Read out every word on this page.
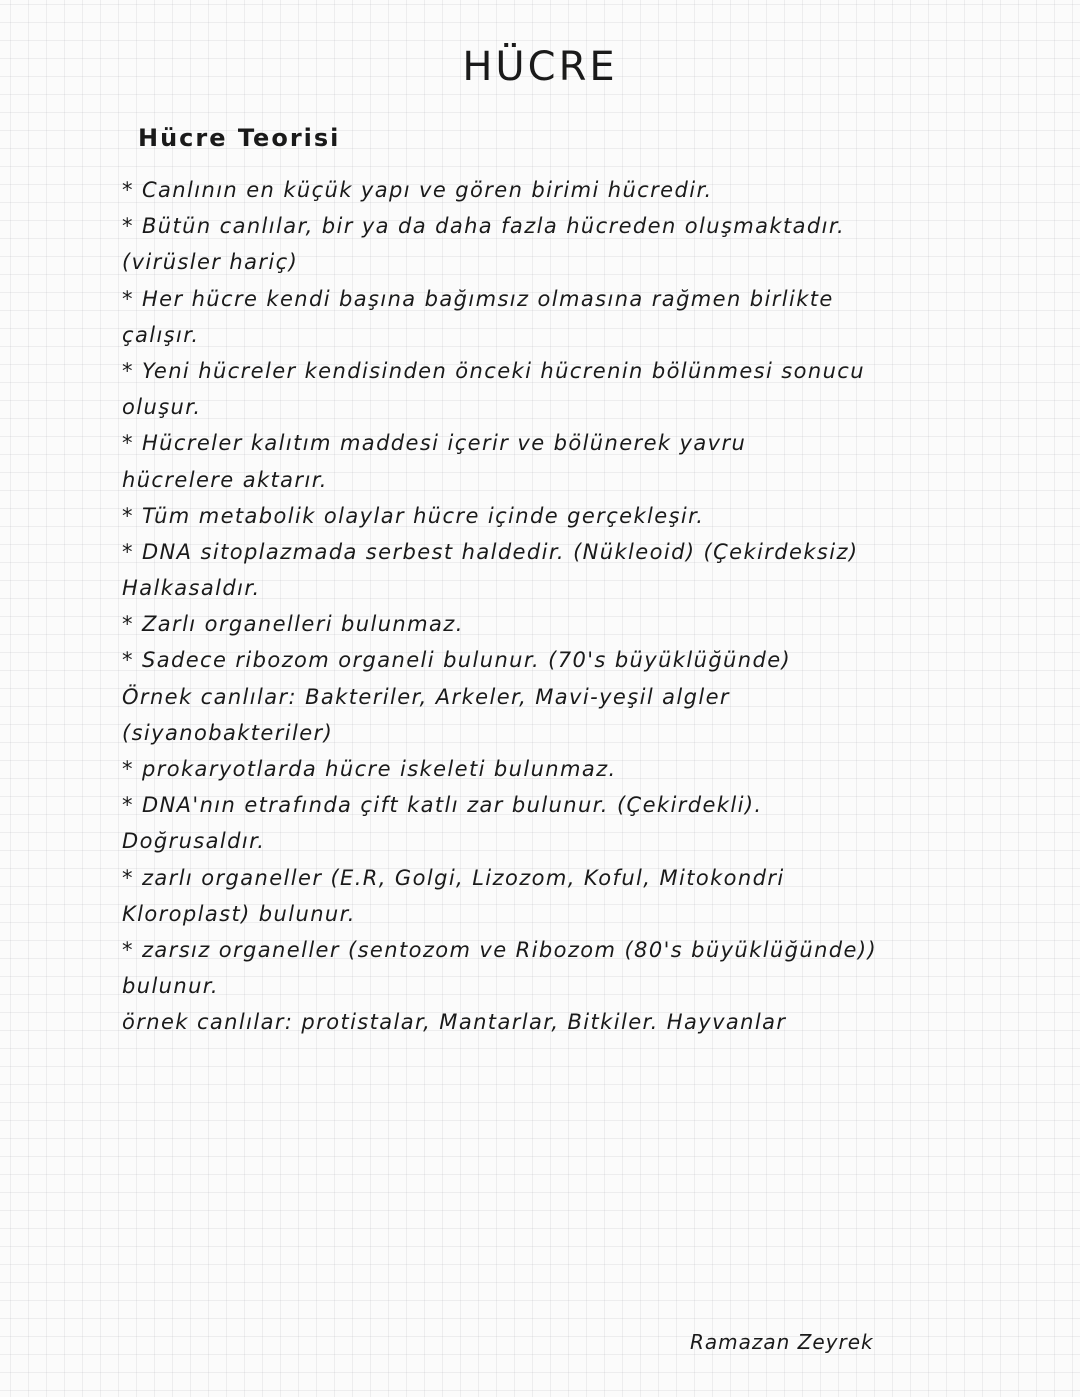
HÜCRE
Hücre Teorisi
* Canlının en küçük yapı ve gören birimi hücredir.
* Bütün canlılar, bir ya da daha fazla hücreden oluşmaktadır.
(virüsler hariç)
* Her hücre kendi başına bağımsız olmasına rağmen birlikte
çalışır.
* Yeni hücreler kendisinden önceki hücrenin bölünmesi sonucu
oluşur.
* Hücreler kalıtım maddesi içerir ve bölünerek yavru
hücrelere aktarır.
* Tüm metabolik olaylar hücre içinde gerçekleşir.
* DNA sitoplazmada serbest haldedir. (Nükleoid) (Çekirdeksiz)
Halkasaldır.
* Zarlı organelleri bulunmaz.
* Sadece ribozom organeli bulunur. (70's büyüklüğünde)
Örnek canlılar: Bakteriler, Arkeler, Mavi-yeşil algler
(siyanobakteriler)
* prokaryotlarda hücre iskeleti bulunmaz.
* DNA'nın etrafında çift katlı zar bulunur. (Çekirdekli).
Doğrusaldır.
* zarlı organeller (E.R, Golgi, Lizozom, Koful, Mitokondri
Kloroplast) bulunur.
* zarsız organeller (sentozom ve Ribozom (80's büyüklüğünde))
bulunur.
örnek canlılar: protistalar, Mantarlar, Bitkiler. Hayvanlar
Ramazan Zeyrek
